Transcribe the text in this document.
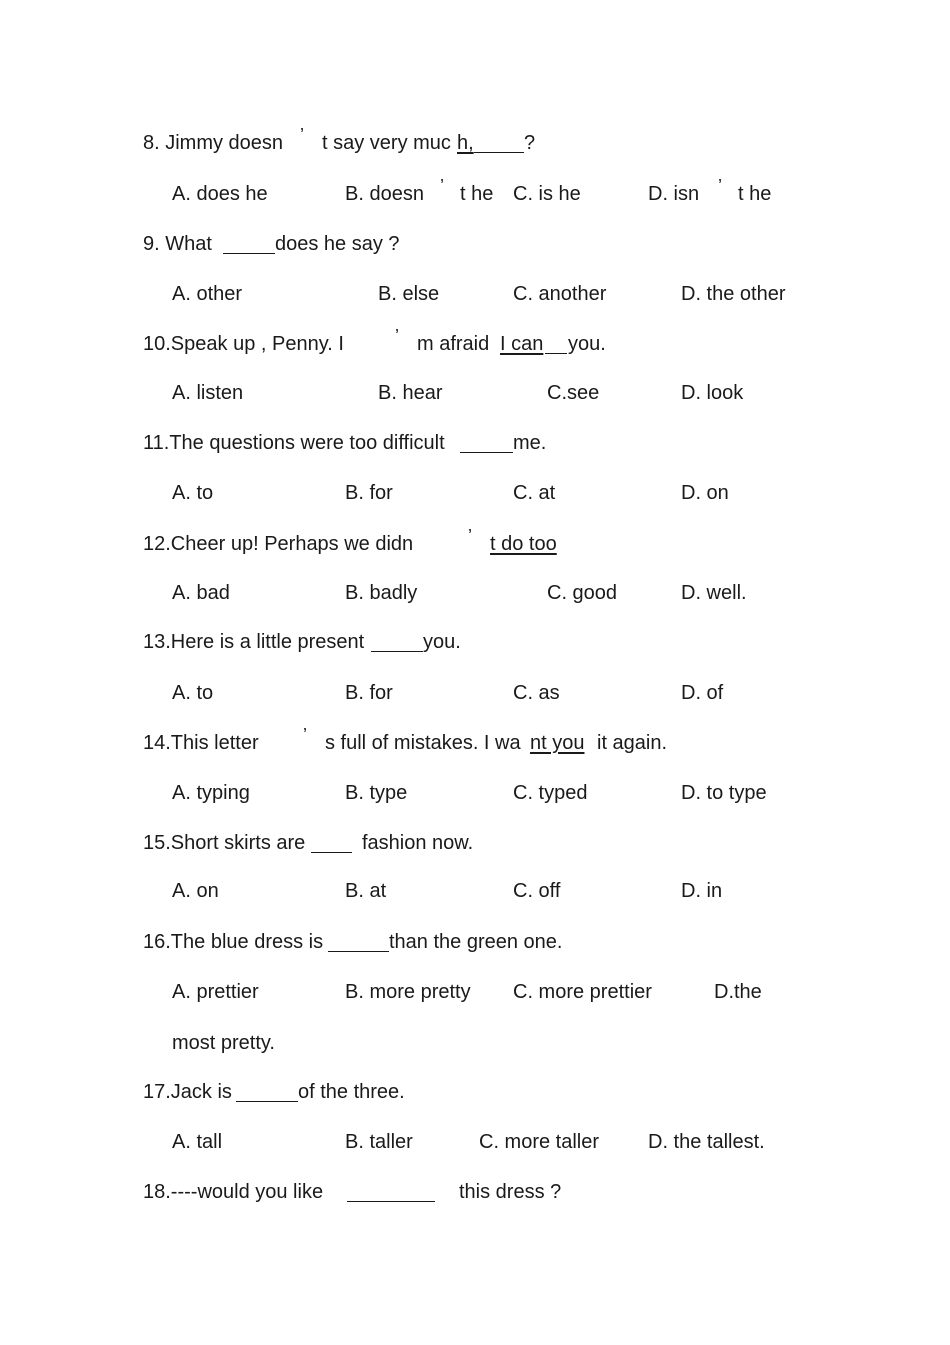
8. Jimmy doesn ’ t say very muc h,	?
A. does he	B. doesn ’ t he C. is he	D. isn ’ t he
9. What	does he say ?
A. other	B. else	C. another	D. the other
10.Speak up , Penny. I	’ m afraid I can you.
A. listen	B. hear	C.see	D. look
11.The questions were too difficult	me.
A. to	B. for	C. at	D. on
12.Cheer up! Perhaps we didn	’ t do too
A. bad	B. badly	C. good	D. well.
13.Here is a little present	you.
A. to	B. for	C. as	D. of
14.This letter ’ s full of mistakes. I wa nt you it again.
A. typing	B. type	C. typed	D. to type
15.Short skirts are	fashion now.
A. on	B. at	C. off	D. in
16.The blue dress is	than the green one.
A. prettier	B. more pretty C. more prettier	D.the
most pretty.
17.Jack is	of the three.
A. tall	B. taller	C. more taller D. the tallest.
18.----would you like	this dress ?
